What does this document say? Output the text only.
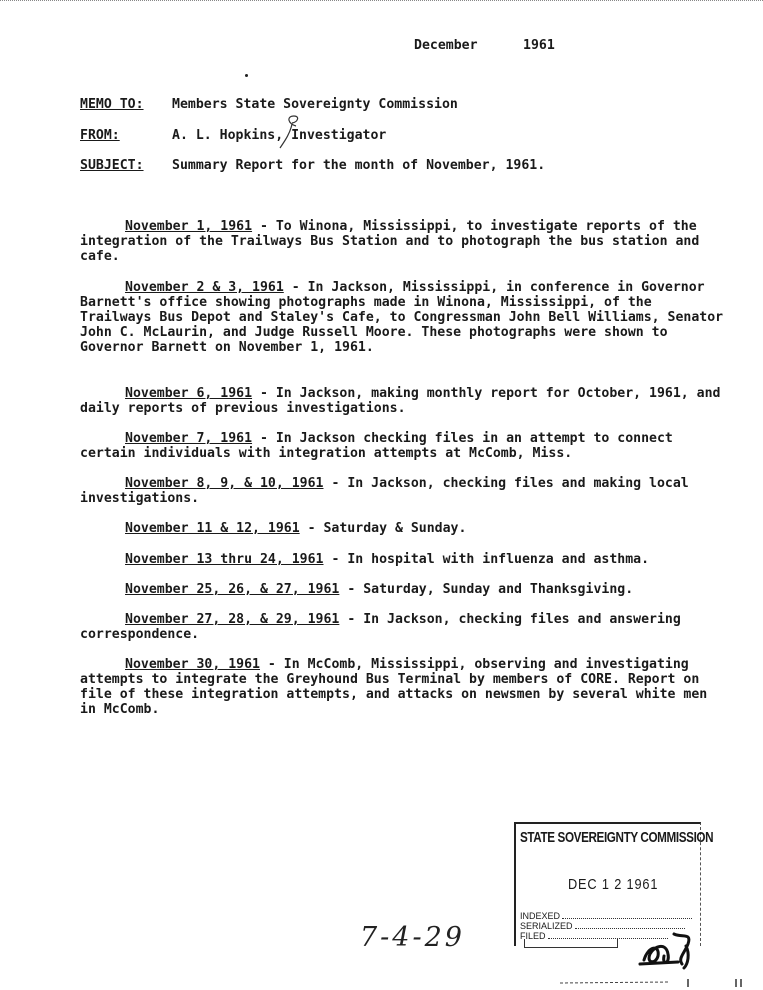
December	1961
MEMO TO: Members State Sovereignty Commission
FROM:	A. L. Hopkins, Investigator
SUBJECT: Summary Report for the month of November, 1961.
November 1, 1961 - To Winona, Mississippi, to investigate reports of the integration of the Trailways Bus Station and to photograph the bus station and cafe.
November 2 & 3, 1961 - In Jackson, Mississippi, in conference in Governor Barnett's office showing photographs made in Winona, Mississippi, of the Trailways Bus Depot and Staley's Cafe, to Congressman John Bell Williams, Senator John C. McLaurin, and Judge Russell Moore. These photographs were shown to Governor Barnett on November 1, 1961.
November 6, 1961 - In Jackson, making monthly report for October, 1961, and daily reports of previous investigations.
November 7, 1961 - In Jackson checking files in an attempt to connect certain individuals with integration attempts at McComb, Miss.
November 8, 9, & 10, 1961 - In Jackson, checking files and making local investigations.
November 11 & 12, 1961 - Saturday & Sunday.
November 13 thru 24, 1961 - In hospital with influenza and asthma.
November 25, 26, & 27, 1961 - Saturday, Sunday and Thanksgiving.
November 27, 28, & 29, 1961 - In Jackson, checking files and answering correspondence.
November 30, 1961 - In McComb, Mississippi, observing and investigating attempts to integrate the Greyhound Bus Terminal by members of CORE. Report on file of these integration attempts, and attacks on newsmen by several white men in McComb.
STATE SOVEREIGNTY COMMISSION
DEC 1 2 1961
INDEXED
SERIALIZED
FILED
7-4-29
